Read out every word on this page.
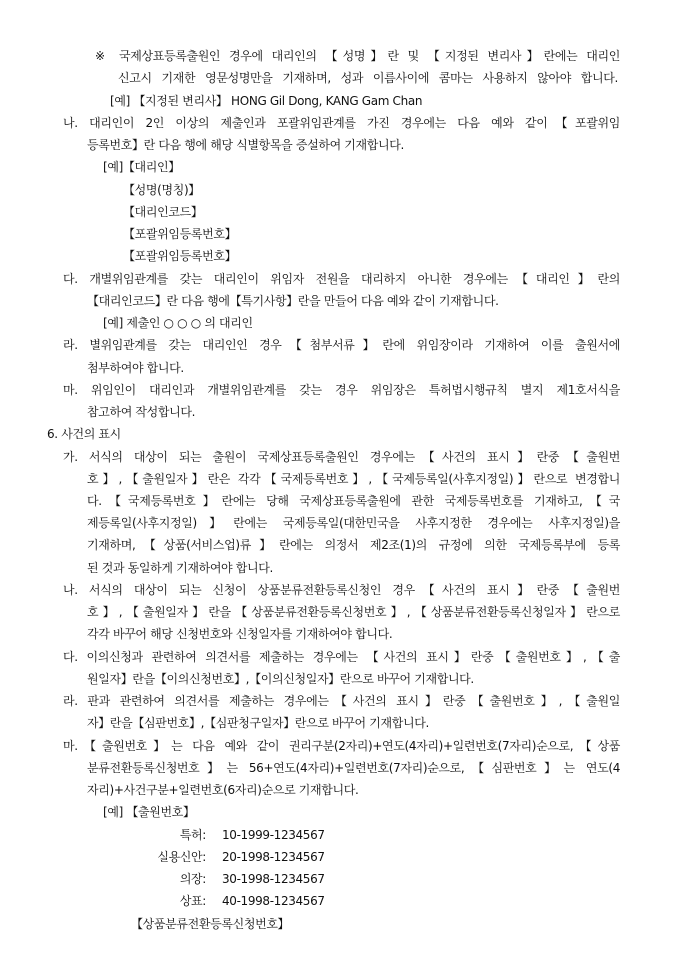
※ 국제상표등록출원인 경우에 대리인의 【성명】란 및 【지정된 변리사】란에는 대리인
신고시 기재한 영문성명만을 기재하며, 성과 이름사이에 콤마는 사용하지 않아야 합니다.
[예] 【지정된 변리사】 HONG Gil Dong, KANG Gam Chan
나. 대리인이 2인 이상의 제출인과 포괄위임관계를 가진 경우에는 다음 예와 같이【포괄위임
등록번호】란 다음 행에 해당 식별항목을 증설하여 기재합니다.
[예]【대리인】
【성명(명칭)】
【대리인코드】
【포괄위임등록번호】
【포괄위임등록번호】
다. 개별위임관계를 갖는 대리인이 위임자 전원을 대리하지 아니한 경우에는【대리인】란의
【대리인코드】란 다음 행에【특기사항】란을 만들어 다음 예와 같이 기재합니다.
[예] 제출인 ○ ○ ○ 의 대리인
라. 별위임관계를 갖는 대리인인 경우【첨부서류】란에 위임장이라 기재하여 이를 출원서에
첨부하여야 합니다.
마. 위임인이 대리인과 개별위임관계를 갖는 경우 위임장은 특허법시행규칙 별지 제1호서식을
참고하여 작성합니다.
6. 사건의 표시
가. 서식의 대상이 되는 출원이 국제상표등록출원인 경우에는【사건의 표시】란중【출원번
호】,【출원일자】란은 각각【국제등록번호】,【국제등록일(사후지정일)】란으로 변경합니
다.【국제등록번호】란에는 당해 국제상표등록출원에 관한 국제등록번호를 기재하고,【국
제등록일(사후지정일)】란에는 국제등록일(대한민국을 사후지정한 경우에는 사후지정일)을
기재하며,【상품(서비스업)류】란에는 의정서 제2조(1)의 규정에 의한 국제등록부에 등록
된 것과 동일하게 기재하여야 합니다.
나. 서식의 대상이 되는 신청이 상품분류전환등록신청인 경우【사건의 표시】란중【출원번
호】,【출원일자】란을【상품분류전환등록신청번호】,【상품분류전환등록신청일자】란으로
각각 바꾸어 해당 신청번호와 신청일자를 기재하여야 합니다.
다. 이의신청과 관련하여 의견서를 제출하는 경우에는 【사건의 표시】란중【출원번호】,【출
원일자】란을【이의신청번호】,【이의신청일자】란으로 바꾸어 기재합니다.
라. 판과 관련하여 의견서를 제출하는 경우에는【사건의 표시】란중【출원번호】,【출원일
자】란을【심판번호】,【심판청구일자】란으로 바꾸어 기재합니다.
마.【출원번호】는 다음 예와 같이 권리구분(2자리)+연도(4자리)+일련번호(7자리)순으로,【상품
분류전환등록신청번호】는 56+연도(4자리)+일련번호(7자리)순으로,【심판번호】는 연도(4
자리)+사건구분+일련번호(6자리)순으로 기재합니다.
[예] 【출원번호】
특허: 10-1999-1234567
실용신안: 20-1998-1234567
의장: 30-1998-1234567
상표: 40-1998-1234567
【상품분류전환등록신청번호】
